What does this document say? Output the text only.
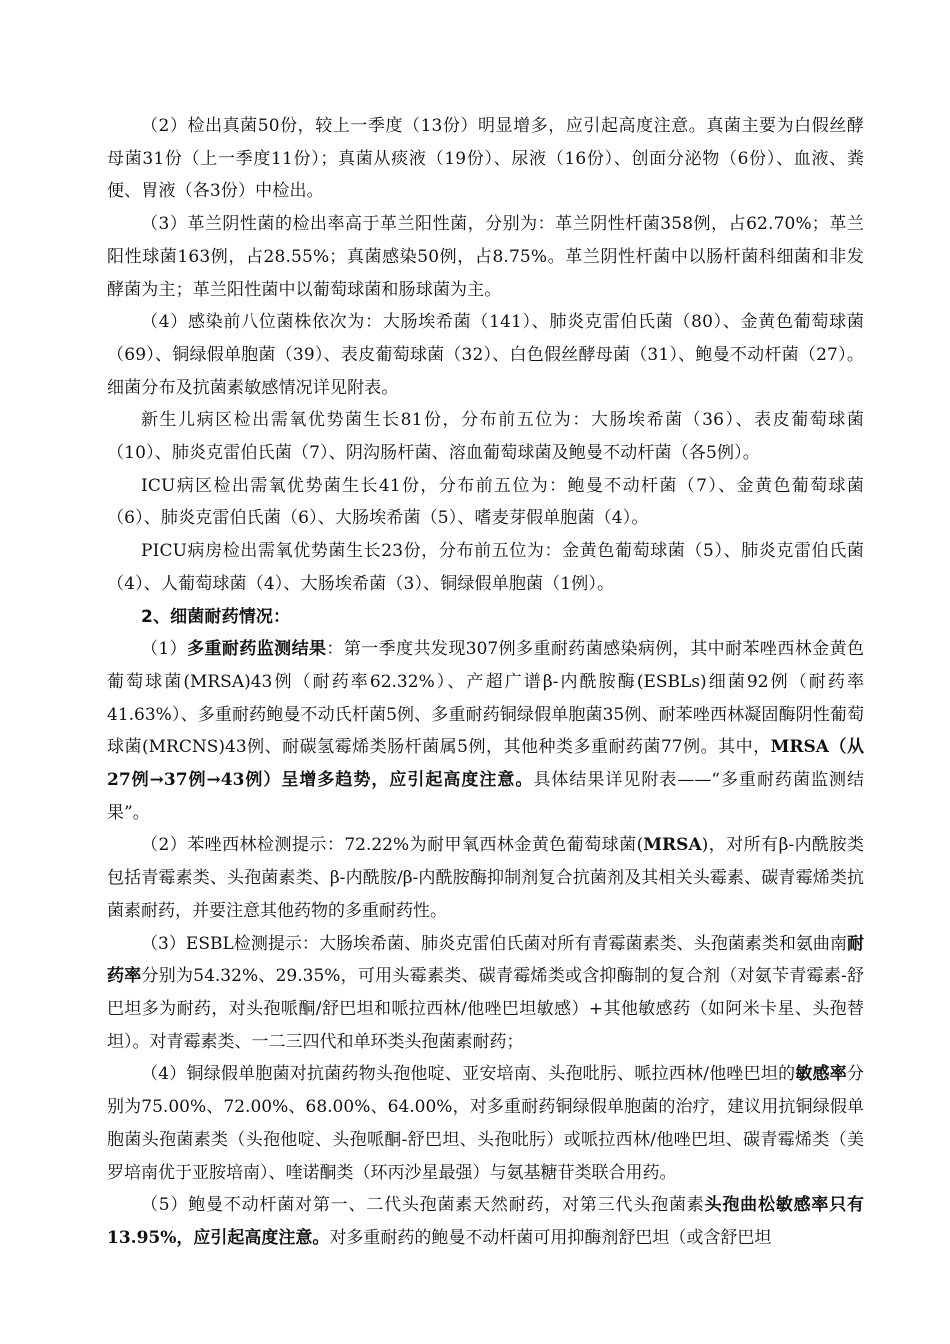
（2）检出真菌50份，较上一季度（13份）明显增多，应引起高度注意。真菌主要为白假丝酵母菌31份（上一季度11份）；真菌从痰液（19份）、尿液（16份）、创面分泌物（6份）、血液、粪便、胃液（各3份）中检出。

（3）革兰阴性菌的检出率高于革兰阳性菌，分别为：革兰阴性杆菌358例，占62.70%；革兰阳性球菌163例，占28.55%；真菌感染50例，占8.75%。革兰阴性杆菌中以肠杆菌科细菌和非发酵菌为主；革兰阳性菌中以葡萄球菌和肠球菌为主。

（4）感染前八位菌株依次为：大肠埃希菌（141）、肺炎克雷伯氏菌（80）、金黄色葡萄球菌（69）、铜绿假单胞菌（39）、表皮葡萄球菌（32）、白色假丝酵母菌（31）、鲍曼不动杆菌（27）。细菌分布及抗菌素敏感情况详见附表。

新生儿病区检出需氧优势菌生长81份，分布前五位为：大肠埃希菌（36）、表皮葡萄球菌（10）、肺炎克雷伯氏菌（7）、阴沟肠杆菌、溶血葡萄球菌及鲍曼不动杆菌（各5例）。

ICU病区检出需氧优势菌生长41份，分布前五位为：鲍曼不动杆菌（7）、金黄色葡萄球菌（6）、肺炎克雷伯氏菌（6）、大肠埃希菌（5）、嗜麦芽假单胞菌（4）。

PICU病房检出需氧优势菌生长23份，分布前五位为：金黄色葡萄球菌（5）、肺炎克雷伯氏菌（4）、人葡萄球菌（4）、大肠埃希菌（3）、铜绿假单胞菌（1例）。

2、细菌耐药情况：

（1）多重耐药监测结果：第一季度共发现307例多重耐药菌感染病例，其中耐苯唑西林金黄色葡萄球菌(MRSA)43例（耐药率62.32%）、产超广谱β-内酰胺酶(ESBLs)细菌92例（耐药率41.63%）、多重耐药鲍曼不动氏杆菌5例、多重耐药铜绿假单胞菌35例、耐苯唑西林凝固酶阴性葡萄球菌(MRCNS)43例、耐碳氢霉烯类肠杆菌属5例，其他种类多重耐药菌77例。其中，MRSA（从27例→37例→43例）呈增多趋势，应引起高度注意。具体结果详见附表——“多重耐药菌监测结果”。

（2）苯唑西林检测提示：72.22%为耐甲氧西林金黄色葡萄球菌(MRSA)，对所有β-内酰胺类包括青霉素类、头孢菌素类、β-内酰胺/β-内酰胺酶抑制剂复合抗菌剂及其相关头霉素、碳青霉烯类抗菌素耐药，并要注意其他药物的多重耐药性。

（3）ESBL检测提示：大肠埃希菌、肺炎克雷伯氏菌对所有青霉菌素类、头孢菌素类和氨曲南耐药率分别为54.32%、29.35%，可用头霉素类、碳青霉烯类或含抑酶制的复合剂（对氨苄青霉素-舒巴坦多为耐药，对头孢哌酮/舒巴坦和哌拉西林/他唑巴坦敏感）+其他敏感药（如阿米卡星、头孢替坦）。对青霉素类、一二三四代和单环类头孢菌素耐药；

（4）铜绿假单胞菌对抗菌药物头孢他啶、亚安培南、头孢吡肟、哌拉西林/他唑巴坦的敏感率分别为75.00%、72.00%、68.00%、64.00%，对多重耐药铜绿假单胞菌的治疗，建议用抗铜绿假单胞菌头孢菌素类（头孢他啶、头孢哌酮-舒巴坦、头孢吡肟）或哌拉西林/他唑巴坦、碳青霉烯类（美罗培南优于亚胺培南）、喹诺酮类（环丙沙星最强）与氨基糖苷类联合用药。

（5）鲍曼不动杆菌对第一、二代头孢菌素天然耐药，对第三代头孢菌素头孢曲松敏感率只有13.95%，应引起高度注意。对多重耐药的鲍曼不动杆菌可用抑酶剂舒巴坦（或含舒巴坦
